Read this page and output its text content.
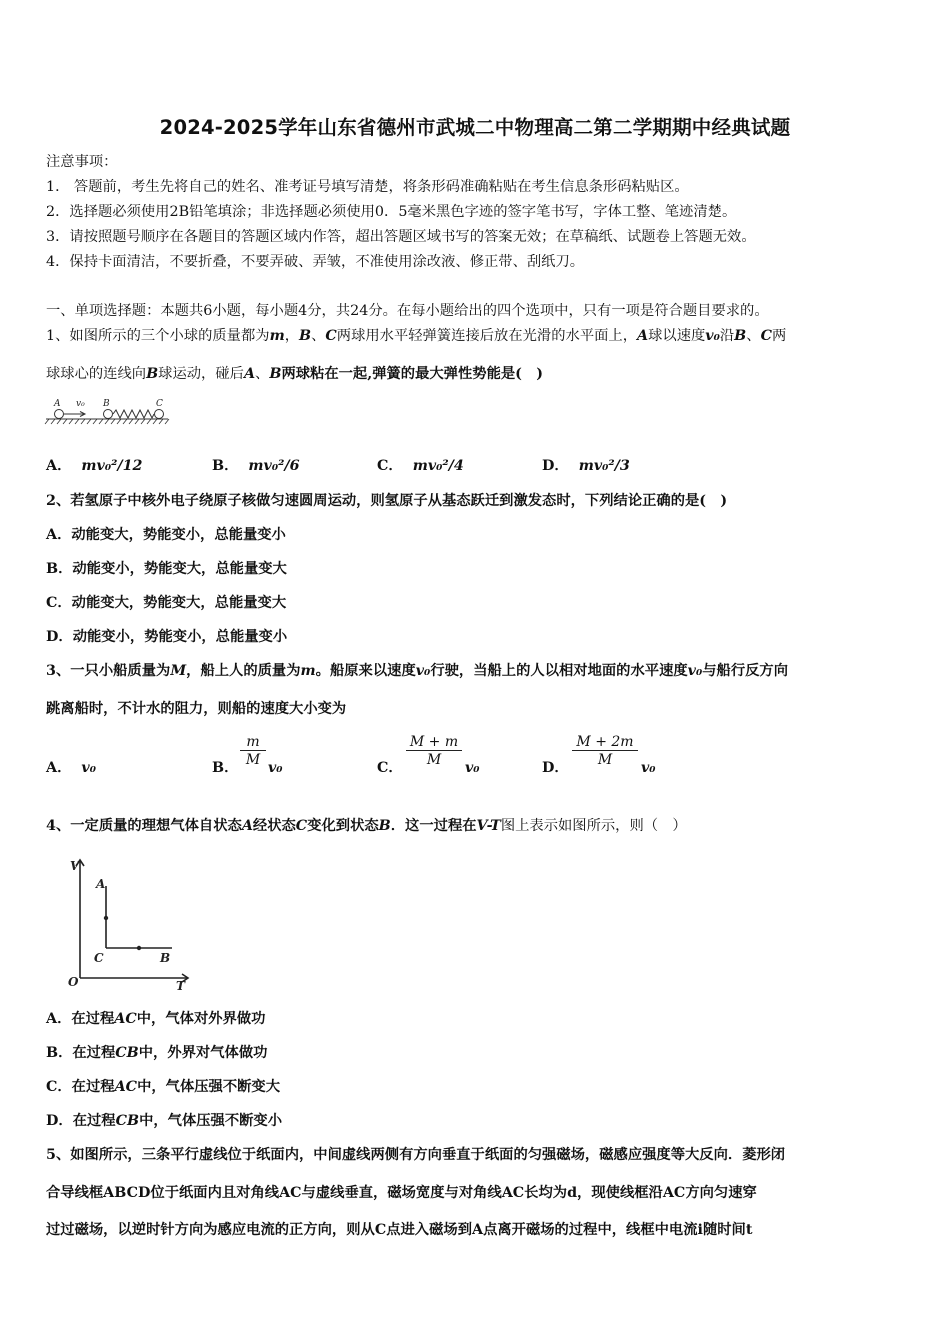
2024-2025学年山东省德州市武城二中物理高二第二学期期中经典试题
注意事项：
1． 答题前，考生先将自己的姓名、准考证号填写清楚，将条形码准确粘贴在考生信息条形码粘贴区。
2．选择题必须使用2B铅笔填涂；非选择题必须使用0．5毫米黑色字迹的签字笔书写，字体工整、笔迹清楚。
3．请按照题号顺序在各题目的答题区域内作答，超出答题区域书写的答案无效；在草稿纸、试题卷上答题无效。
4．保持卡面清洁，不要折叠，不要弄破、弄皱，不准使用涂改液、修正带、刮纸刀。
一、单项选择题：本题共6小题，每小题4分，共24分。在每小题给出的四个选项中，只有一项是符合题目要求的。
1、如图所示的三个小球的质量都为m，B、C两球用水平轻弹簧连接后放在光滑的水平面上，A球以速度v₀沿B、C两
球球心的连线向B球运动，碰后A、B两球粘在一起,弹簧的最大弹性势能是(　)
A v₀ B	C
A． mv₀²/12	B． mv₀²/6	C． mv₀²/4	D． mv₀²/3
2、若氢原子中核外电子绕原子核做匀速圆周运动，则氢原子从基态跃迁到激发态时，下列结论正确的是(　)
A．动能变大，势能变小，总能量变小
B．动能变小，势能变大，总能量变大
C．动能变大，势能变大，总能量变大
D．动能变小，势能变小，总能量变小
3、一只小船质量为M，船上人的质量为m。船原来以速度v₀行驶，当船上的人以相对地面的水平速度v₀与船行反方向
跳离船时，不计水的阻力，则船的速度大小变为
A． v₀	B． $\frac{m}{M} v_0$	C． $\frac{M + m}{M} v_0$	D． $\frac{M + 2m}{M} v_0$
4、一定质量的理想气体自状态A经状态C变化到状态B．这一过程在V-T图上表示如图所示，则（　）
V
T
O
A
C	B
A．在过程AC中，气体对外界做功
B．在过程CB中，外界对气体做功
C．在过程AC中，气体压强不断变大
D．在过程CB中，气体压强不断变小
5、如图所示，三条平行虚线位于纸面内，中间虚线两侧有方向垂直于纸面的匀强磁场，磁感应强度等大反向．菱形闭
合导线框ABCD位于纸面内且对角线AC与虚线垂直，磁场宽度与对角线AC长均为d，现使线框沿AC方向匀速穿
过过磁场，以逆时针方向为感应电流的正方向，则从C点进入磁场到A点离开磁场的过程中，线框中电流i随时间t
